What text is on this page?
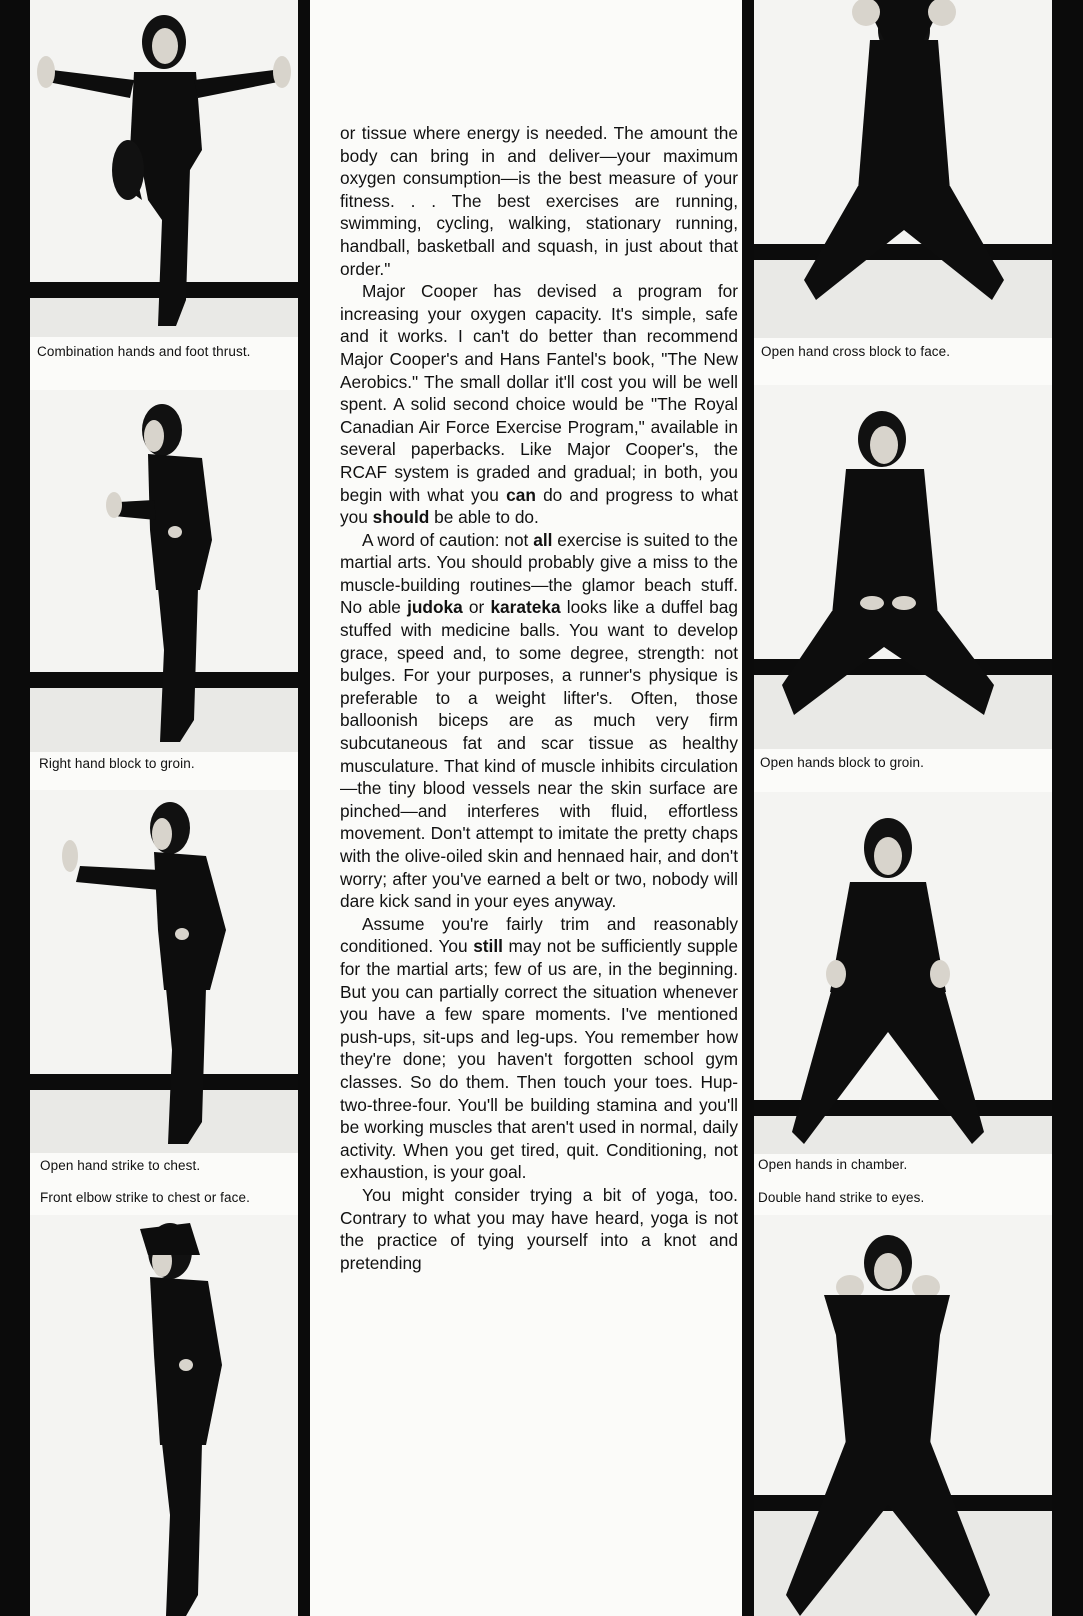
Combination hands and foot thrust.
Right hand block to groin.
Open hand strike to chest.
Front elbow strike to chest or face.
Open hand cross block to face.
Open hands block to groin.
Open hands in chamber.
Double hand strike to eyes.

or tissue where energy is needed. The amount the body can bring in and deliver—your maximum oxygen consumption—is the best measure of your fitness. . . The best exercises are running, swimming, cycling, walking, stationary running, handball, basketball and squash, in just about that order."

Major Cooper has devised a program for increasing your oxygen capacity. It's simple, safe and it works. I can't do better than recommend Major Cooper's and Hans Fantel's book, "The New Aerobics." The small dollar it'll cost you will be well spent. A solid second choice would be "The Royal Canadian Air Force Exercise Program," available in several paperbacks. Like Major Cooper's, the RCAF system is graded and gradual; in both, you begin with what you can do and progress to what you should be able to do.

A word of caution: not all exercise is suited to the martial arts. You should probably give a miss to the muscle-building routines—the glamor beach stuff. No able judoka or karateka looks like a duffel bag stuffed with medicine balls. You want to develop grace, speed and, to some degree, strength: not bulges. For your purposes, a runner's physique is preferable to a weight lifter's. Often, those balloonish biceps are as much very firm subcutaneous fat and scar tissue as healthy musculature. That kind of muscle inhibits circulation—the tiny blood vessels near the skin surface are pinched—and interferes with fluid, effortless movement. Don't attempt to imitate the pretty chaps with the olive-oiled skin and hennaed hair, and don't worry; after you've earned a belt or two, nobody will dare kick sand in your eyes anyway.

Assume you're fairly trim and reasonably conditioned. You still may not be sufficiently supple for the martial arts; few of us are, in the beginning. But you can partially correct the situation whenever you have a few spare moments. I've mentioned push-ups, sit-ups and leg-ups. You remember how they're done; you haven't forgotten school gym classes. So do them. Then touch your toes. Hup-two-three-four. You'll be building stamina and you'll be working muscles that aren't used in normal, daily activity. When you get tired, quit. Conditioning, not exhaustion, is your goal.

You might consider trying a bit of yoga, too. Contrary to what you may have heard, yoga is not the practice of tying yourself into a knot and pretending
